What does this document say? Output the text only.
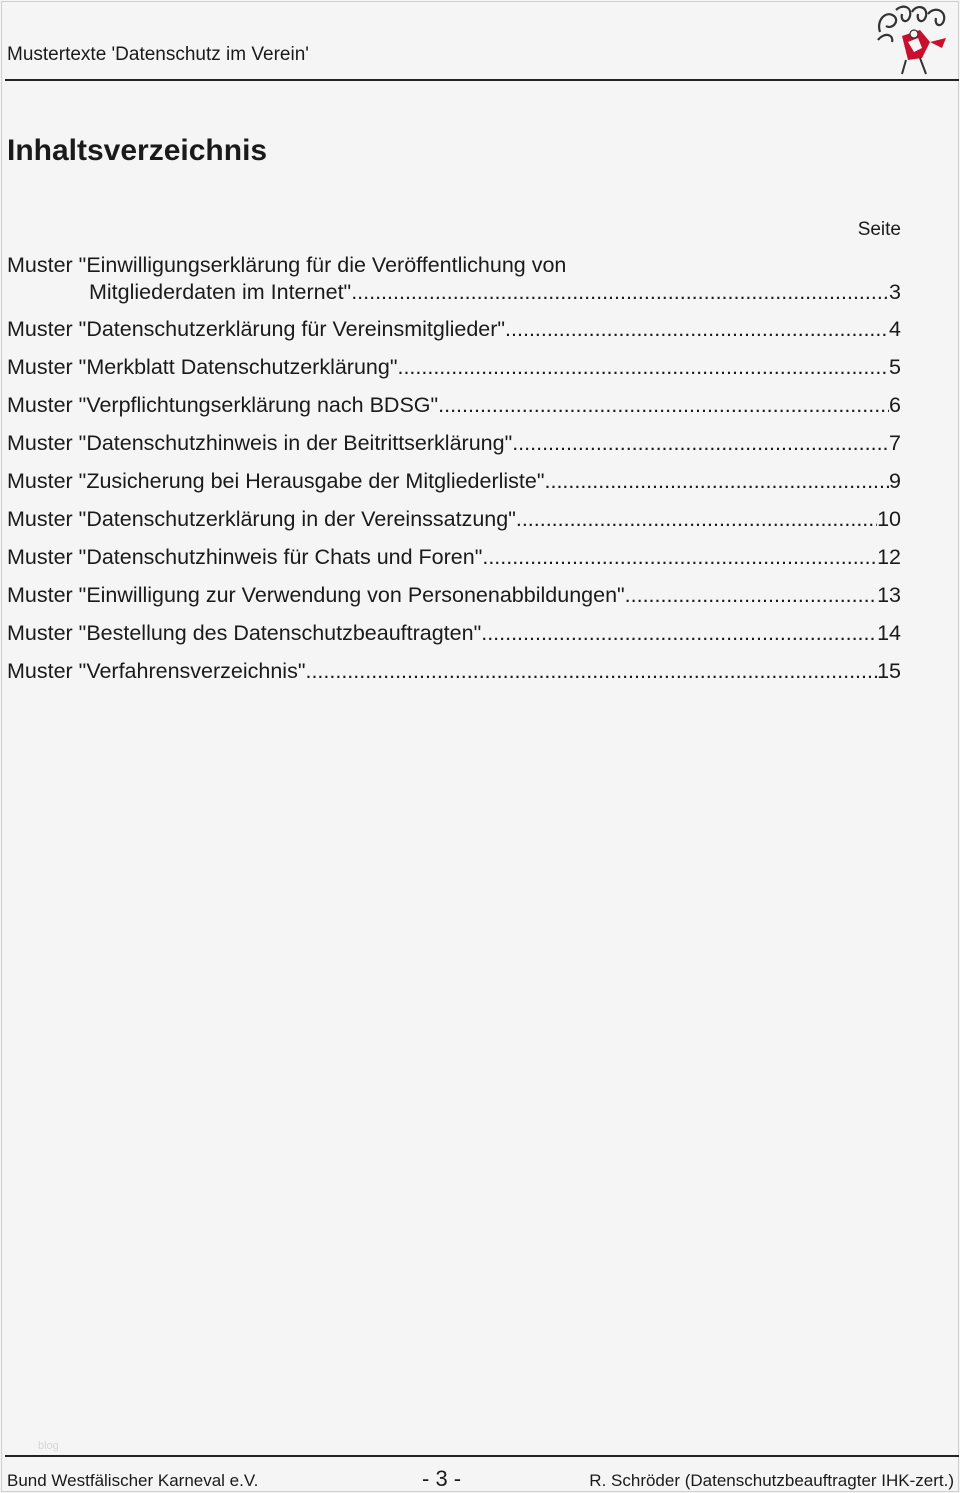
Mustertexte 'Datenschutz im Verein'
Inhaltsverzeichnis
Seite
Muster "Einwilligungserklärung für die Veröffentlichung von
Mitgliederdaten im Internet" .....	3
Muster "Datenschutzerklärung für Vereinsmitglieder" .....	4
Muster "Merkblatt Datenschutzerklärung" .....	5
Muster "Verpflichtungserklärung nach BDSG" .....	6
Muster "Datenschutzhinweis in der Beitrittserklärung" .....	7
Muster "Zusicherung bei Herausgabe der Mitgliederliste" .....	9
Muster "Datenschutzerklärung in der Vereinssatzung" .....	10
Muster "Datenschutzhinweis für Chats und Foren" .....	12
Muster "Einwilligung zur Verwendung von Personenabbildungen" .....	13
Muster "Bestellung des Datenschutzbeauftragten" .....	14
Muster "Verfahrensverzeichnis" .....	15
blog
Bund Westfälischer Karneval e.V.	- 3 -	R. Schröder (Datenschutzbeauftragter IHK-zert.)
